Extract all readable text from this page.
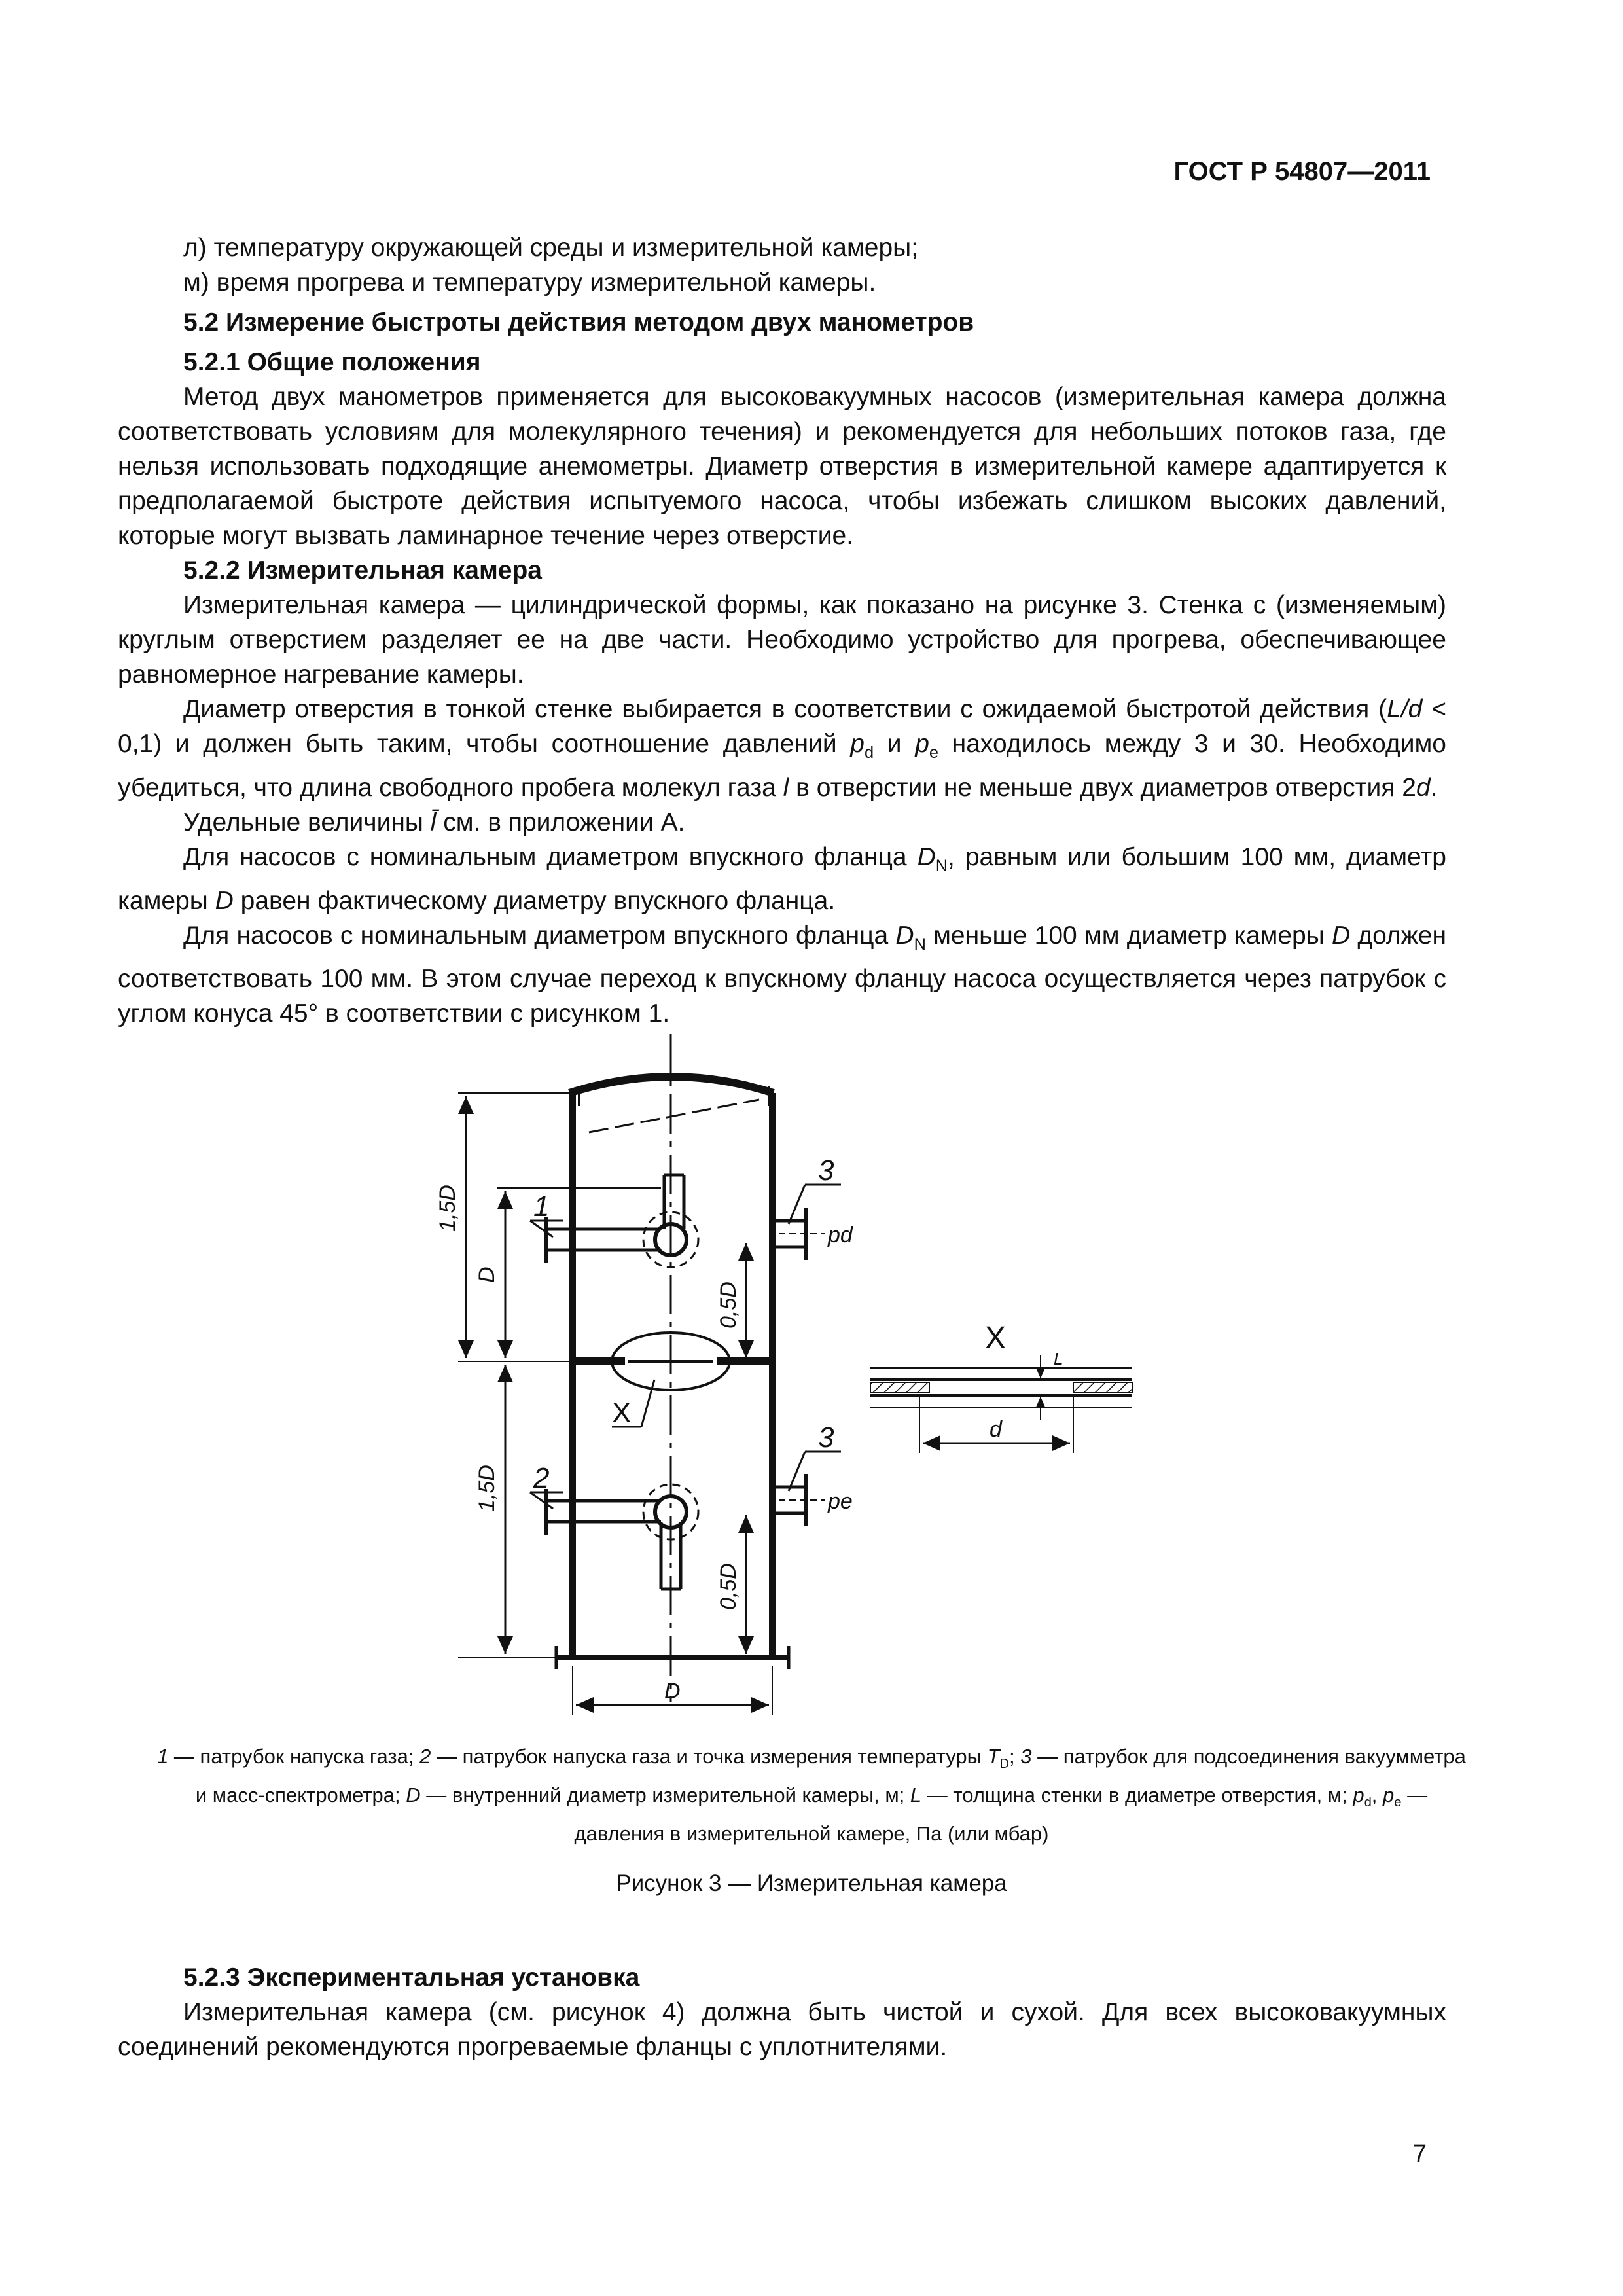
ГОСТ Р 54807—2011

л) температуру окружающей среды и измерительной камеры;

м) время прогрева и температуру измерительной камеры.

5.2 Измерение быстроты действия методом двух манометров

5.2.1 Общие положения

Метод двух манометров применяется для высоковакуумных насосов (измерительная камера должна соответствовать условиям для молекулярного течения) и рекомендуется для небольших потоков газа, где нельзя использовать подходящие анемометры. Диаметр отверстия в измерительной камере адаптируется к предполагаемой быстроте действия испытуемого насоса, чтобы избежать слишком высоких давлений, которые могут вызвать ламинарное течение через отверстие.

5.2.2 Измерительная камера

Измерительная камера — цилиндрической формы, как показано на рисунке 3. Стенка с (изменяемым) круглым отверстием разделяет ее на две части. Необходимо устройство для прогрева, обеспечивающее равномерное нагревание камеры.

Диаметр отверстия в тонкой стенке выбирается в соответствии с ожидаемой быстротой действия (L/d < 0,1) и должен быть таким, чтобы соотношение давлений $p_d$ и $p_e$ находилось между 3 и 30. Необходимо убедиться, что длина свободного пробега молекул газа l в отверстии не меньше двух диаметров отверстия 2d.

Удельные величины l̄ см. в приложении А.

Для насосов с номинальным диаметром впускного фланца $D_N$, равным или большим 100 мм, диаметр камеры D равен фактическому диаметру впускного фланца.

Для насосов с номинальным диаметром впускного фланца $D_N$ меньше 100 мм диаметр камеры D должен соответствовать 100 мм. В этом случае переход к впускному фланцу насоса осуществляется через патрубок с углом конуса 45° в соответствии с рисунком 1.

1,5D
D
1,5D
0,5D
0,5D
D
1
2
3
3
X
X
pd
pe
d
L
1 — патрубок напуска газа; 2 — патрубок напуска газа и точка измерения температуры $T_D$; 3 — патрубок для подсоединения вакуумметра и масс-спектрометра; D — внутренний диаметр измерительной камеры, м; L — толщина стенки в диаметре отверстия, м; $p_d$, $p_e$ — давления в измерительной камере, Па (или мбар)
Рисунок 3 — Измерительная камера

5.2.3 Экспериментальная установка

Измерительная камера (см. рисунок 4) должна быть чистой и сухой. Для всех высоковакуумных соединений рекомендуются прогреваемые фланцы с уплотнителями.

7
